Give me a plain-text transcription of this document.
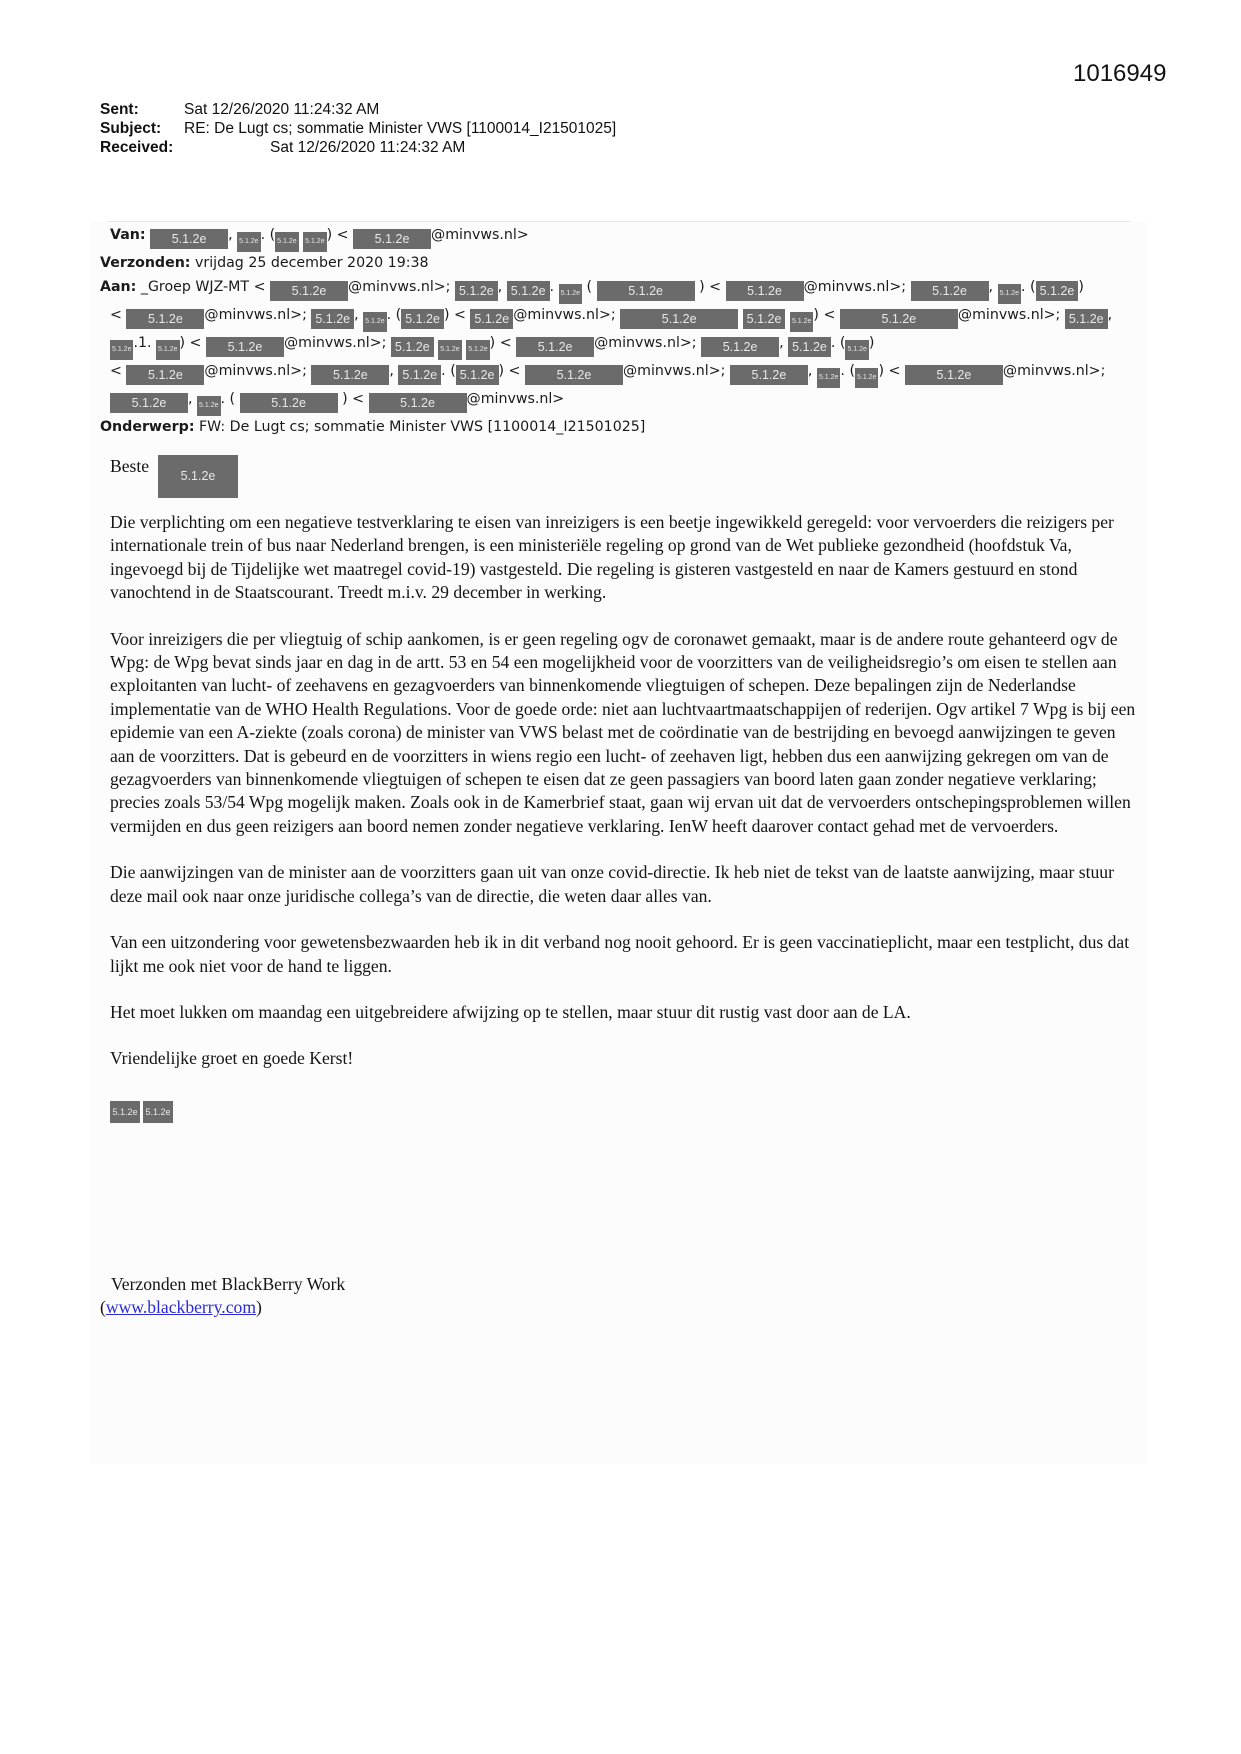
1016949
Sent:	Sat 12/26/2020 11:24:32 AM
Subject: RE: De Lugt cs; sommatie Minister VWS [1100014_I21501025]
Received:	Sat 12/26/2020 11:24:32 AM
Van: 5.1.2e , 5.1.2e . ( 5.1.2e 5.1.2e ) < 5.1.2e @minvws.nl>
Verzonden: vrijdag 25 december 2020 19:38
Aan: _Groep WJZ-MT < 5.1.2e @minvws.nl>; 5.1.2e , 5.1.2e . 5.1.2e (	5.1.2e ) < 5.1.2e @minvws.nl>; 5.1.2e , 5.1.2e . ( 5.1.2e )
< 5.1.2e @minvws.nl>; 5.1.2e , 5.1.2e . ( 5.1.2e ) < 5.1.2e @minvws.nl>;	5.1.2e	5.1.2e 5.1.2e ) <	5.1.2e	@minvws.nl>; 5.1.2e ,
5.1.2e .1. 5.1.2e ) < 5.1.2e @minvws.nl>; 5.1.2e 5.1.2e 5.1.2e ) < 5.1.2e @minvws.nl>; 5.1.2e , 5.1.2e . ( 5.1.2e )
< 5.1.2e @minvws.nl>; 5.1.2e , 5.1.2e . ( 5.1.2e ) <	5.1.2e @minvws.nl>; 5.1.2e , 5.1.2e . ( 5.1.2e ) <	5.1.2e @minvws.nl>;
5.1.2e , 5.1.2e . (	5.1.2e ) <	5.1.2e @minvws.nl>
Onderwerp: FW: De Lugt cs; sommatie Minister VWS [1100014_I21501025]
Beste	5.1.2e

Die verplichting om een negatieve testverklaring te eisen van inreizigers is een beetje ingewikkeld geregeld: voor vervoerders die reizigers per internationale trein of bus naar Nederland brengen, is een ministeriële regeling op grond van de Wet publieke gezondheid (hoofdstuk Va, ingevoegd bij de Tijdelijke wet maatregel covid-19) vastgesteld. Die regeling is gisteren vastgesteld en naar de Kamers gestuurd en stond vanochtend in de Staatscourant. Treedt m.i.v. 29 december in werking.

Voor inreizigers die per vliegtuig of schip aankomen, is er geen regeling ogv de coronawet gemaakt, maar is de andere route gehanteerd ogv de Wpg: de Wpg bevat sinds jaar en dag in de artt. 53 en 54 een mogelijkheid voor de voorzitters van de veiligheidsregio’s om eisen te stellen aan exploitanten van lucht- of zeehavens en gezagvoerders van binnenkomende vliegtuigen of schepen. Deze bepalingen zijn de Nederlandse implementatie van de WHO Health Regulations. Voor de goede orde: niet aan luchtvaartmaatschappijen of rederijen. Ogv artikel 7 Wpg is bij een epidemie van een A-ziekte (zoals corona) de minister van VWS belast met de coördinatie van de bestrijding en bevoegd aanwijzingen te geven aan de voorzitters. Dat is gebeurd en de voorzitters in wiens regio een lucht- of zeehaven ligt, hebben dus een aanwijzing gekregen om van de gezagvoerders van binnenkomende vliegtuigen of schepen te eisen dat ze geen passagiers van boord laten gaan zonder negatieve verklaring; precies zoals 53/54 Wpg mogelijk maken. Zoals ook in de Kamerbrief staat, gaan wij ervan uit dat de vervoerders ontschepingsproblemen willen vermijden en dus geen reizigers aan boord nemen zonder negatieve verklaring. IenW heeft daarover contact gehad met de vervoerders.

Die aanwijzingen van de minister aan de voorzitters gaan uit van onze covid-directie. Ik heb niet de tekst van de laatste aanwijzing, maar stuur deze mail ook naar onze juridische collega’s van de directie, die weten daar alles van.

Van een uitzondering voor gewetensbezwaarden heb ik in dit verband nog nooit gehoord. Er is geen vaccinatieplicht, maar een testplicht, dus dat lijkt me ook niet voor de hand te liggen.

Het moet lukken om maandag een uitgebreidere afwijzing op te stellen, maar stuur dit rustig vast door aan de LA.

Vriendelijke groet en goede Kerst!

5.1.2e 5.1.2e
Verzonden met BlackBerry Work
(www.blackberry.com)
